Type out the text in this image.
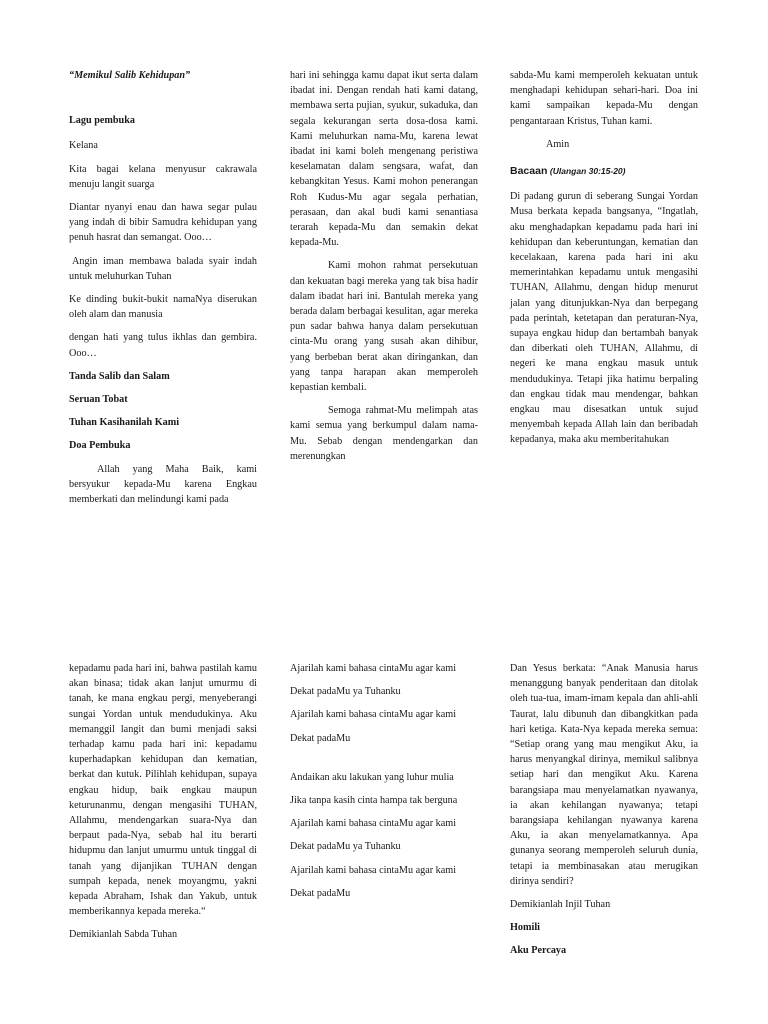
“Memikul Salib Kehidupan”

Lagu pembuka

Kelana

Kita bagai kelana menyusur cakrawala menuju langit suarga

Diantar nyanyi enau dan hawa segar pulau yang indah di bibir Samudra kehidupan yang penuh hasrat dan semangat. Ooo…

Angin iman membawa balada syair indah untuk meluhurkan Tuhan

Ke dinding bukit-bukit namaNya diserukan oleh alam dan manusia

dengan hati yang tulus ikhlas dan gembira. Ooo…

Tanda Salib dan Salam

Seruan Tobat

Tuhan Kasihanilah Kami

Doa Pembuka

Allah yang Maha Baik, kami bersyukur kepada-Mu karena Engkau memberkati dan melindungi kami pada

hari ini sehingga kamu dapat ikut serta dalam ibadat ini. Dengan rendah hati kami datang, membawa serta pujian, syukur, sukaduka, dan segala kekurangan serta dosa-dosa kami. Kami meluhurkan nama-Mu, karena lewat ibadat ini kami boleh mengenang peristiwa keselamatan dalam sengsara, wafat, dan kebangkitan Yesus. Kami mohon penerangan Roh Kudus-Mu agar segala perhatian, perasaan, dan akal budi kami senantiasa terarah kepada-Mu dan semakin dekat kepada-Mu.

Kami mohon rahmat persekutuan dan kekuatan bagi mereka yang tak bisa hadir dalam ibadat hari ini. Bantulah mereka yang berada dalam berbagai kesulitan, agar mereka pun sadar bahwa hanya dalam persekutuan cinta-Mu orang yang susah akan dihibur, yang berbeban berat akan diringankan, dan yang tanpa harapan akan memperoleh kepastian kembali.

Semoga rahmat-Mu melimpah atas kami semua yang berkumpul dalam nama-Mu. Sebab dengan mendengarkan dan merenungkan

sabda-Mu kami memperoleh kekuatan untuk menghadapi kehidupan sehari-hari. Doa ini kami sampaikan kepada-Mu dengan pengantaraan Kristus, Tuhan kami.

Amin

Bacaan (Ulangan 30:15-20)

Di padang gurun di seberang Sungai Yordan Musa berkata kepada bangsanya, “Ingatlah, aku menghadapkan kepadamu pada hari ini kehidupan dan keberuntungan, kematian dan kecelakaan, karena pada hari ini aku memerintahkan kepadamu untuk mengasihi TUHAN, Allahmu, dengan hidup menurut jalan yang ditunjukkan-Nya dan berpegang pada perintah, ketetapan dan peraturan-Nya, supaya engkau hidup dan bertambah banyak dan diberkati oleh TUHAN, Allahmu, di negeri ke mana engkau masuk untuk mendudukinya. Tetapi jika hatimu berpaling dan engkau tidak mau mendengar, bahkan engkau mau disesatkan untuk sujud menyembah kepada Allah lain dan beribadah kepadanya, maka aku memberitahukan

kepadamu pada hari ini, bahwa pastilah kamu akan binasa; tidak akan lanjut umurmu di tanah, ke mana engkau pergi, menyeberangi sungai Yordan untuk mendudukinya. Aku memanggil langit dan bumi menjadi saksi terhadap kamu pada hari ini: kepadamu kuperhadapkan kehidupan dan kematian, berkat dan kutuk. Pilihlah kehidupan, supaya engkau hidup, baik engkau maupun keturunanmu, dengan mengasihi TUHAN, Allahmu, mendengarkan suara-Nya dan berpaut pada-Nya, sebab hal itu berarti hidupmu dan lanjut umurmu untuk tinggal di tanah yang dijanjikan TUHAN dengan sumpah kepada, nenek moyangmu, yakni kepada Abraham, Ishak dan Yakub, untuk memberikannya kepada mereka.“

Demikianlah Sabda Tuhan

Ajarilah kami bahasa cintaMu agar kami

Dekat padaMu ya Tuhanku

Ajarilah kami bahasa cintaMu agar kami

Dekat padaMu

Andaikan aku lakukan yang luhur mulia

Jika tanpa kasih cinta hampa tak berguna

Ajarilah kami bahasa cintaMu agar kami

Dekat padaMu ya Tuhanku

Ajarilah kami bahasa cintaMu agar kami

Dekat padaMu

Dan Yesus berkata: “Anak Manusia harus menanggung banyak penderitaan dan ditolak oleh tua-tua, imam-imam kepala dan ahli-ahli Taurat, lalu dibunuh dan dibangkitkan pada hari ketiga. Kata-Nya kepada mereka semua: “Setiap orang yang mau mengikut Aku, ia harus menyangkal dirinya, memikul salibnya setiap hari dan mengikut Aku. Karena barangsiapa mau menyelamatkan nyawanya, ia akan kehilangan nyawanya; tetapi barangsiapa kehilangan nyawanya karena Aku, ia akan menyelamatkannya. Apa gunanya seorang memperoleh seluruh dunia, tetapi ia membinasakan atau merugikan dirinya sendiri?

Demikianlah Injil Tuhan

Homili

Aku Percaya
